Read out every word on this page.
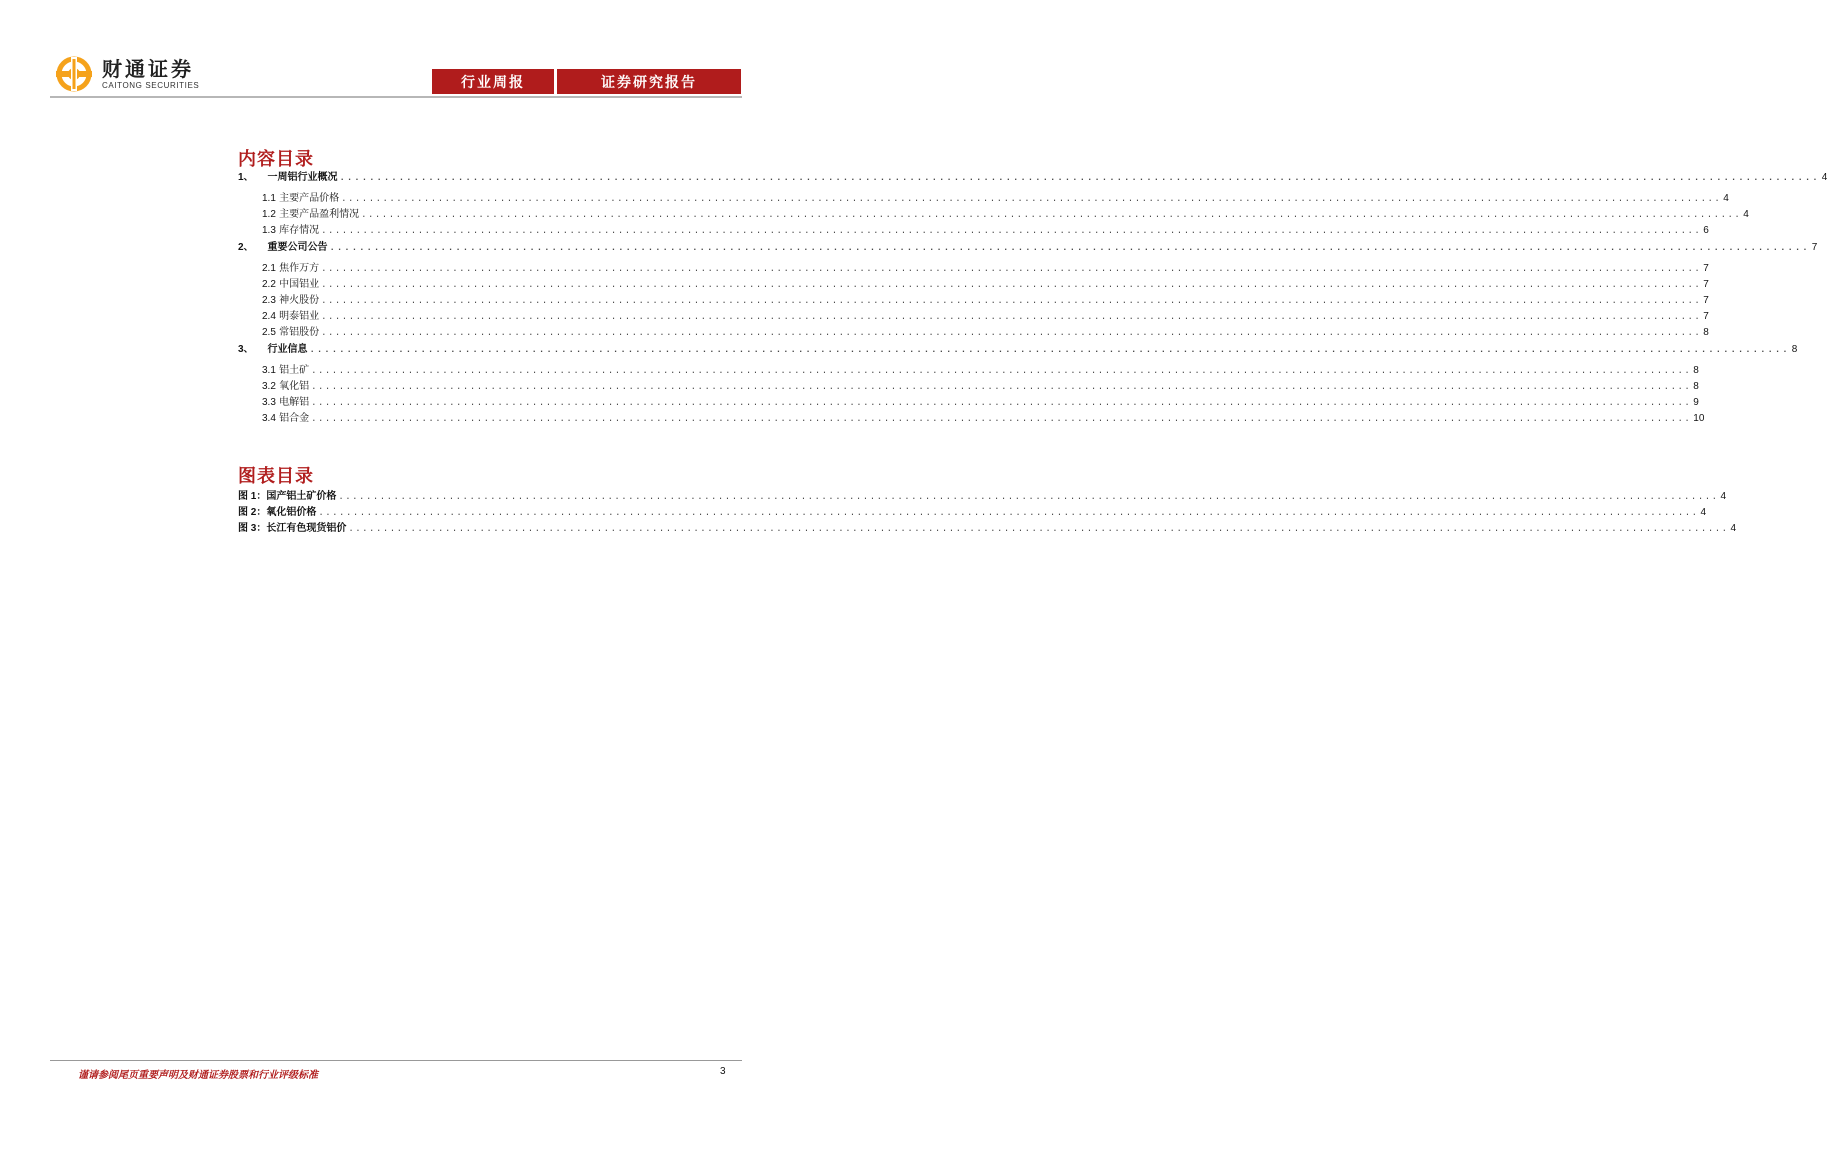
财通证券
CAITONG SECURITIES	行业周报	证券研究报告
内容目录
1、 一周铝行业概况 ........................................................................................................................................................................................................ 4
1.1 主要产品价格 ........................................................................................................................................................................................................ 4
1.2 主要产品盈利情况 ........................................................................................................................................................................................................ 4
1.3 库存情况 ........................................................................................................................................................................................................ 6
2、 重要公司公告 ........................................................................................................................................................................................................ 7
2.1 焦作万方 ........................................................................................................................................................................................................ 7
2.2 中国铝业 ........................................................................................................................................................................................................ 7
2.3 神火股份 ........................................................................................................................................................................................................ 7
2.4 明泰铝业 ........................................................................................................................................................................................................ 7
2.5 常铝股份 ........................................................................................................................................................................................................ 8
3、 行业信息 ........................................................................................................................................................................................................ 8
3.1 铝土矿 ........................................................................................................................................................................................................ 8
3.2 氧化铝 ........................................................................................................................................................................................................ 8
3.3 电解铝 ........................................................................................................................................................................................................ 9
3.4 铝合金 ........................................................................................................................................................................................................ 10
图表目录
图 1：国产铝土矿价格 ........................................................................................................................................................................................................ 4
图 2：氧化铝价格 ........................................................................................................................................................................................................ 4
图 3：长江有色现货铝价 ........................................................................................................................................................................................................ 4
谨请参阅尾页重要声明及财通证券股票和行业评级标准	3
